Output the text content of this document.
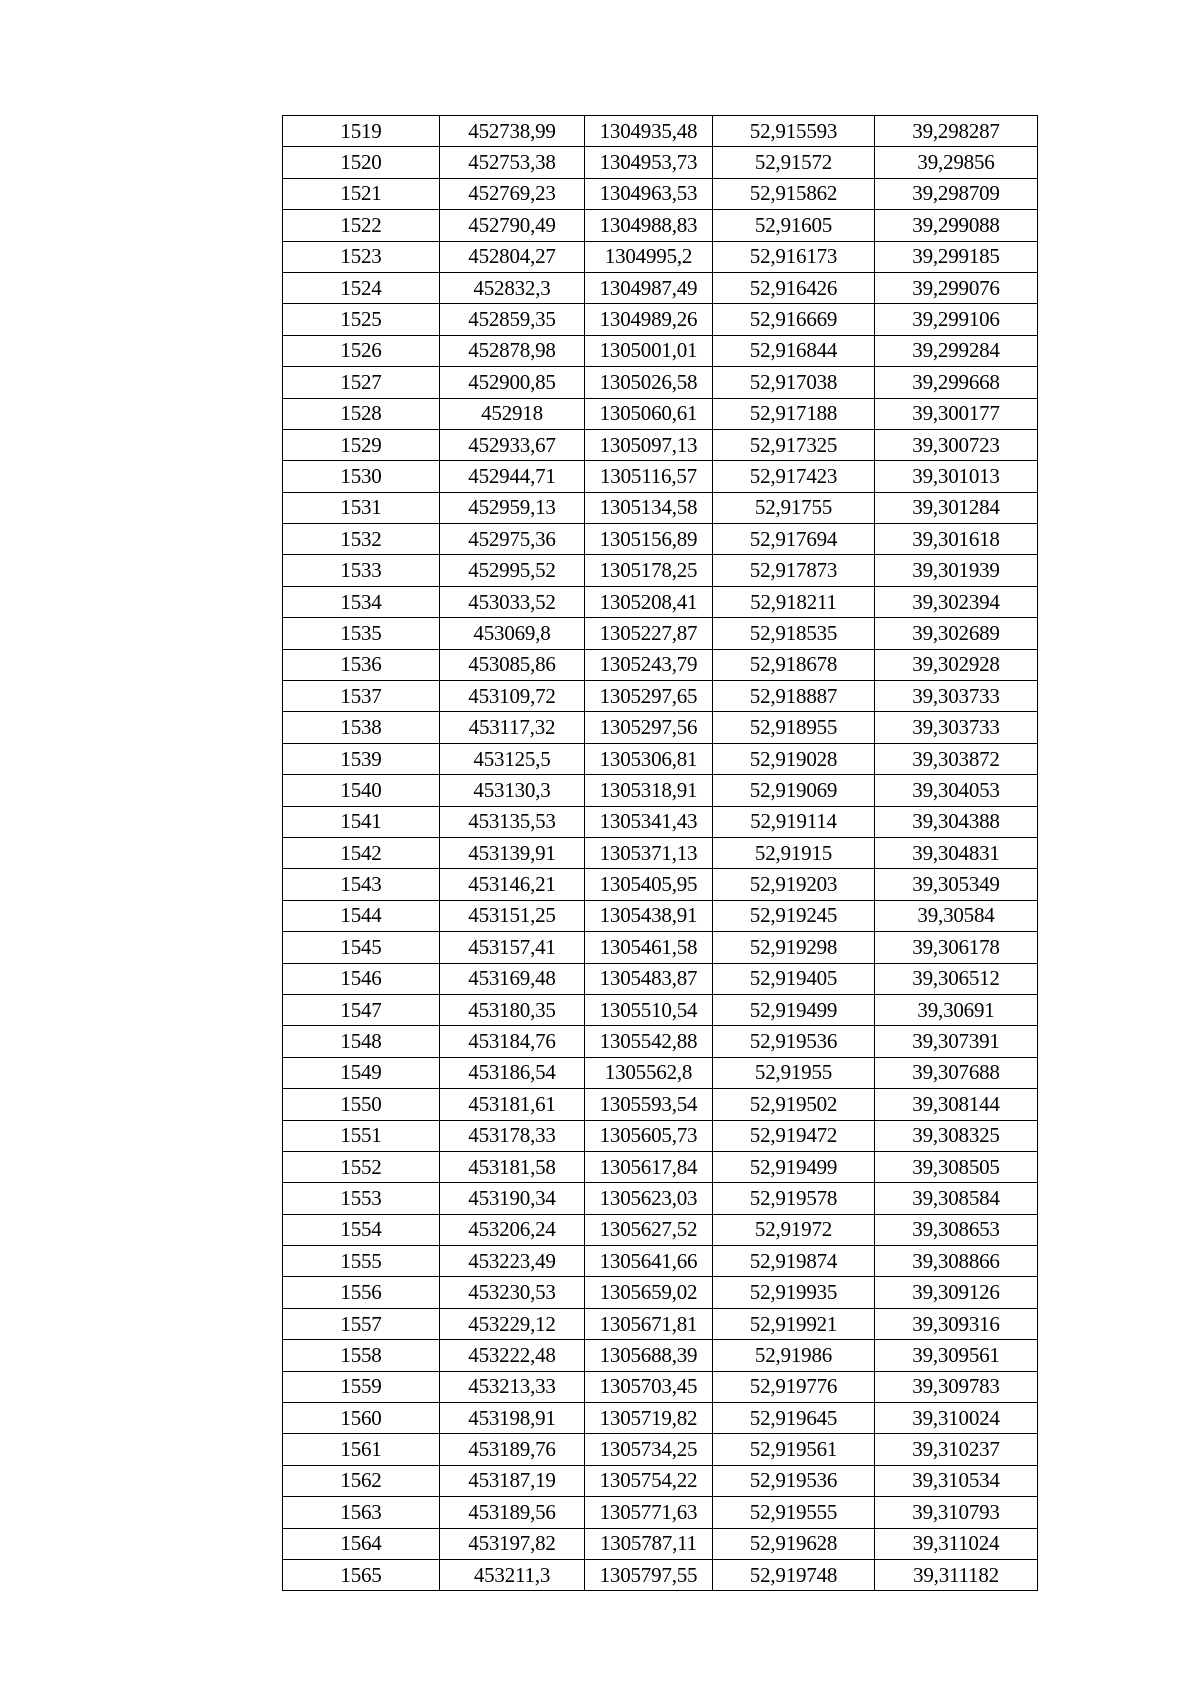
1519	452738,99	1304935,48	52,915593	39,298287
1520	452753,38	1304953,73	52,91572	39,29856
1521	452769,23	1304963,53	52,915862	39,298709
1522	452790,49	1304988,83	52,91605	39,299088
1523	452804,27	1304995,2	52,916173	39,299185
1524	452832,3	1304987,49	52,916426	39,299076
1525	452859,35	1304989,26	52,916669	39,299106
1526	452878,98	1305001,01	52,916844	39,299284
1527	452900,85	1305026,58	52,917038	39,299668
1528	452918	1305060,61	52,917188	39,300177
1529	452933,67	1305097,13	52,917325	39,300723
1530	452944,71	1305116,57	52,917423	39,301013
1531	452959,13	1305134,58	52,91755	39,301284
1532	452975,36	1305156,89	52,917694	39,301618
1533	452995,52	1305178,25	52,917873	39,301939
1534	453033,52	1305208,41	52,918211	39,302394
1535	453069,8	1305227,87	52,918535	39,302689
1536	453085,86	1305243,79	52,918678	39,302928
1537	453109,72	1305297,65	52,918887	39,303733
1538	453117,32	1305297,56	52,918955	39,303733
1539	453125,5	1305306,81	52,919028	39,303872
1540	453130,3	1305318,91	52,919069	39,304053
1541	453135,53	1305341,43	52,919114	39,304388
1542	453139,91	1305371,13	52,91915	39,304831
1543	453146,21	1305405,95	52,919203	39,305349
1544	453151,25	1305438,91	52,919245	39,30584
1545	453157,41	1305461,58	52,919298	39,306178
1546	453169,48	1305483,87	52,919405	39,306512
1547	453180,35	1305510,54	52,919499	39,30691
1548	453184,76	1305542,88	52,919536	39,307391
1549	453186,54	1305562,8	52,91955	39,307688
1550	453181,61	1305593,54	52,919502	39,308144
1551	453178,33	1305605,73	52,919472	39,308325
1552	453181,58	1305617,84	52,919499	39,308505
1553	453190,34	1305623,03	52,919578	39,308584
1554	453206,24	1305627,52	52,91972	39,308653
1555	453223,49	1305641,66	52,919874	39,308866
1556	453230,53	1305659,02	52,919935	39,309126
1557	453229,12	1305671,81	52,919921	39,309316
1558	453222,48	1305688,39	52,91986	39,309561
1559	453213,33	1305703,45	52,919776	39,309783
1560	453198,91	1305719,82	52,919645	39,310024
1561	453189,76	1305734,25	52,919561	39,310237
1562	453187,19	1305754,22	52,919536	39,310534
1563	453189,56	1305771,63	52,919555	39,310793
1564	453197,82	1305787,11	52,919628	39,311024
1565	453211,3	1305797,55	52,919748	39,311182
